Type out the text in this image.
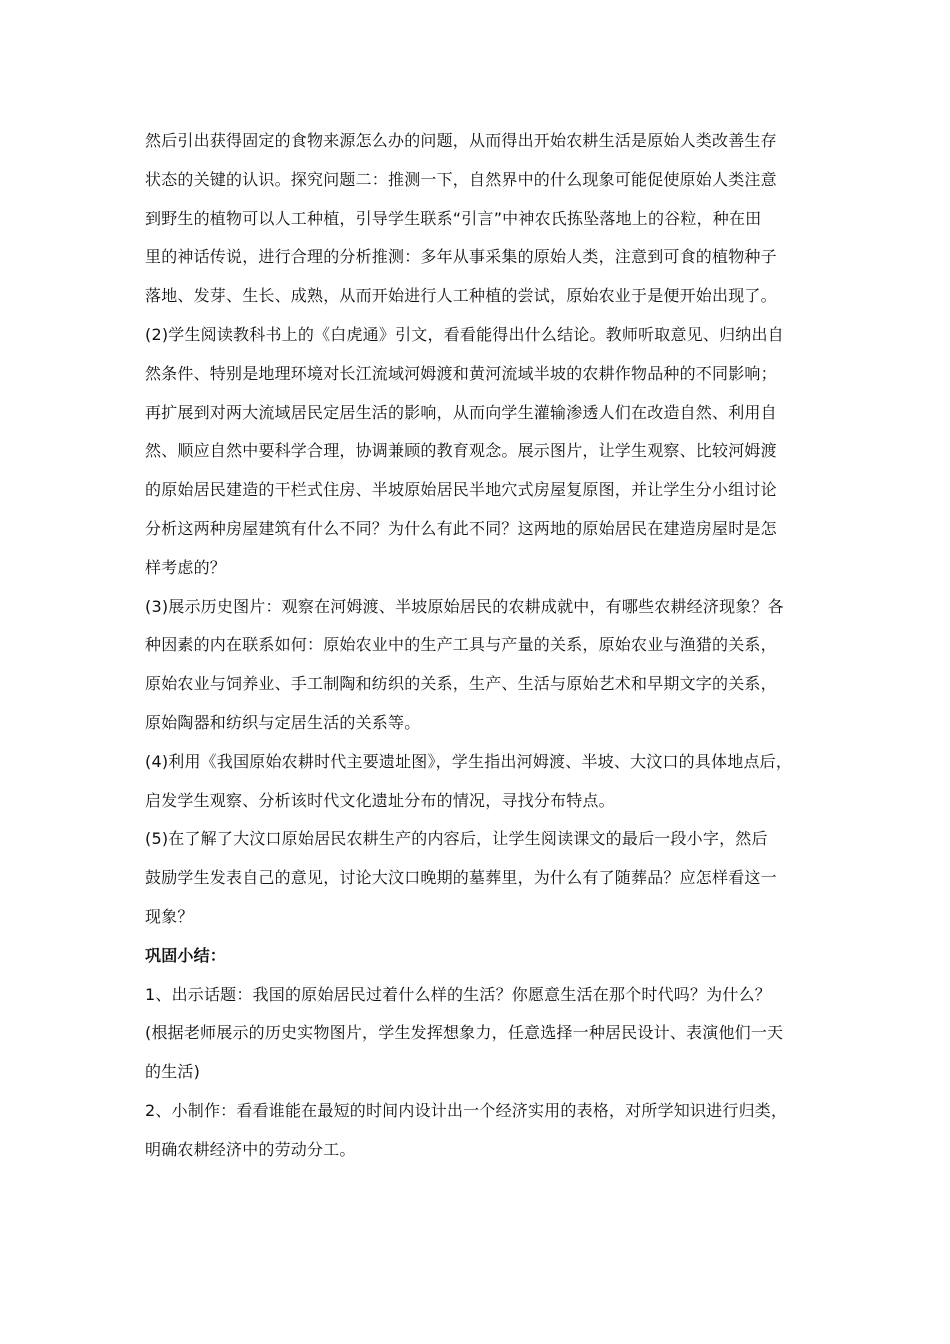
然后引出获得固定的食物来源怎么办的问题，从而得出开始农耕生活是原始人类改善生存
状态的关键的认识。探究问题二：推测一下，自然界中的什么现象可能促使原始人类注意
到野生的植物可以人工种植，引导学生联系“引言”中神农氏拣坠落地上的谷粒，种在田
里的神话传说，进行合理的分析推测：多年从事采集的原始人类，注意到可食的植物种子
落地、发芽、生长、成熟，从而开始进行人工种植的尝试，原始农业于是便开始出现了。
(2)学生阅读教科书上的《白虎通》引文，看看能得出什么结论。教师听取意见、归纳出自
然条件、特别是地理环境对长江流域河姆渡和黄河流域半坡的农耕作物品种的不同影响；
再扩展到对两大流域居民定居生活的影响，从而向学生灌输渗透人们在改造自然、利用自
然、顺应自然中要科学合理，协调兼顾的教育观念。展示图片，让学生观察、比较河姆渡
的原始居民建造的干栏式住房、半坡原始居民半地穴式房屋复原图，并让学生分小组讨论
分析这两种房屋建筑有什么不同？为什么有此不同？这两地的原始居民在建造房屋时是怎
样考虑的？
(3)展示历史图片：观察在河姆渡、半坡原始居民的农耕成就中，有哪些农耕经济现象？各
种因素的内在联系如何：原始农业中的生产工具与产量的关系，原始农业与渔猎的关系，
原始农业与饲养业、手工制陶和纺织的关系，生产、生活与原始艺术和早期文字的关系，
原始陶器和纺织与定居生活的关系等。
(4)利用《我国原始农耕时代主要遗址图》，学生指出河姆渡、半坡、大汶口的具体地点后，
启发学生观察、分析该时代文化遗址分布的情况，寻找分布特点。
(5)在了解了大汶口原始居民农耕生产的内容后，让学生阅读课文的最后一段小字，然后
鼓励学生发表自己的意见，讨论大汶口晚期的墓葬里，为什么有了随葬品？应怎样看这一
现象？
巩固小结：
1、出示话题：我国的原始居民过着什么样的生活？你愿意生活在那个时代吗？为什么？
(根据老师展示的历史实物图片，学生发挥想象力，任意选择一种居民设计、表演他们一天
的生活)
2、小制作：看看谁能在最短的时间内设计出一个经济实用的表格，对所学知识进行归类，
明确农耕经济中的劳动分工。
